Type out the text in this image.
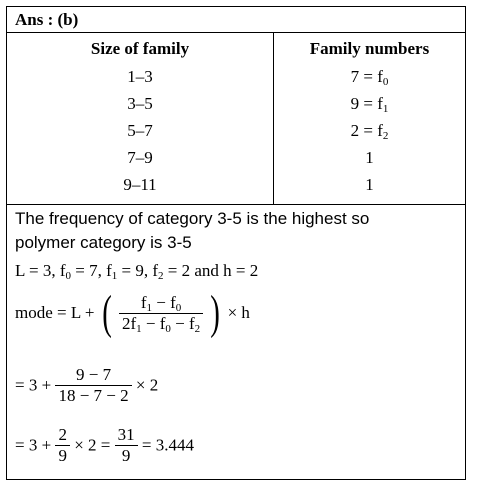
Ans : (b)
Size of family
1–3
3–5
5–7
7–9
9–11
Family numbers
$7 = f_0$
$9 = f_1$
$2 = f_2$
1
1
The frequency of category 3-5 is the highest so
polymer category is 3-5
L = 3, $f_0 = 7$, $f_1 = 9$, $f_2 = 2$ and h = 2
mode = L + ( $\frac{f_1 - f_0}{2f_1 - f_0 - f_2}$ ) × h
= $3 + \frac{9 - 7}{18 - 7 - 2} \times 2$
= $3 + \frac{2}{9} \times 2 = \frac{31}{9} = 3.444$
